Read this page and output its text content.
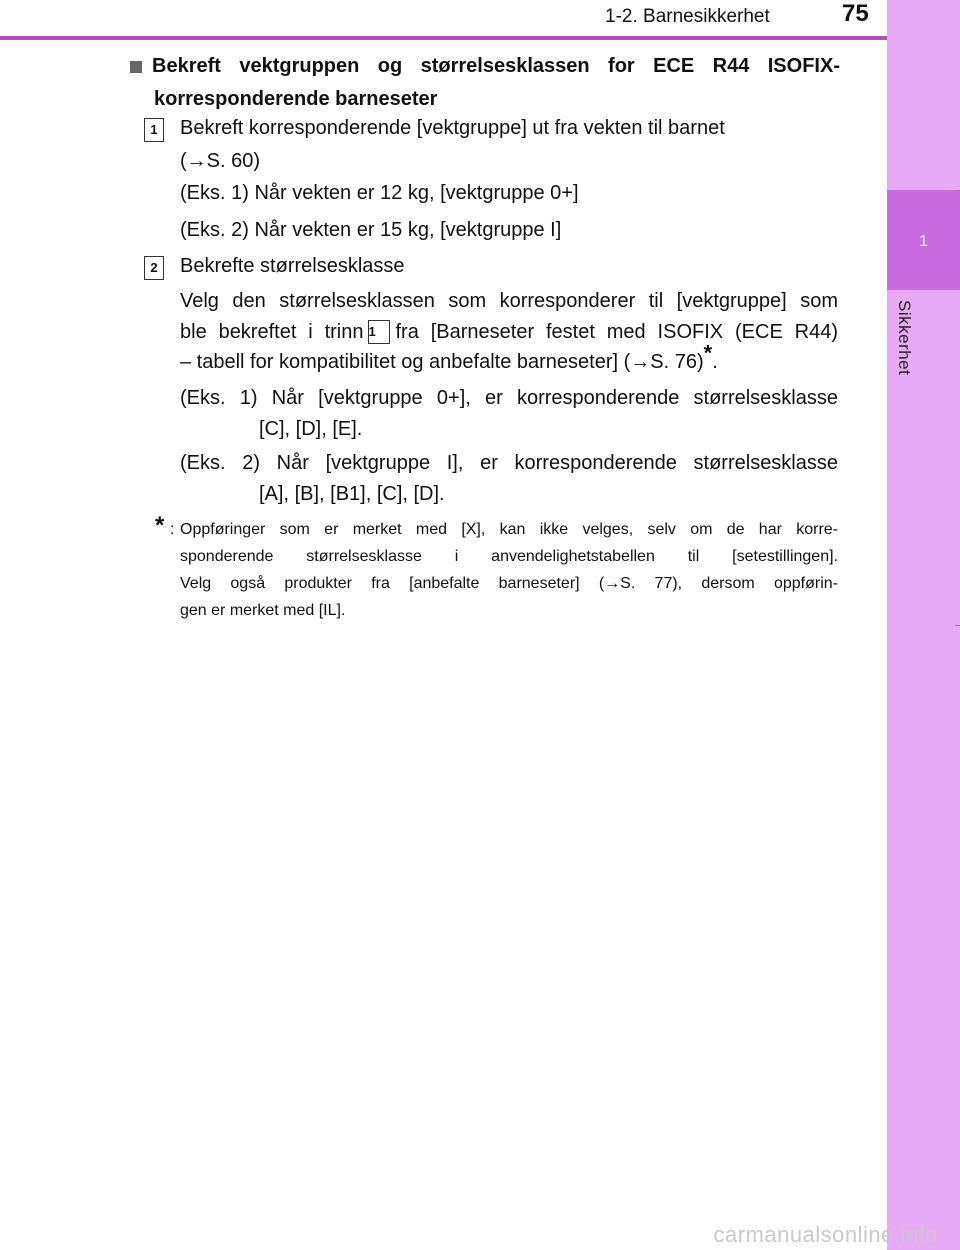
1-2. Barnesikkerhet	75
1
Sikkerhet
Bekreft vektgruppen og størrelsesklassen for ECE R44 ISOFIX-
korresponderende barneseter
1	Bekreft korresponderende [vektgruppe] ut fra vekten til barnet
(→S. 60)
(Eks. 1) Når vekten er 12 kg, [vektgruppe 0+]
(Eks. 2) Når vekten er 15 kg, [vektgruppe I]
2	Bekrefte størrelsesklasse
Velg den størrelsesklassen som korresponderer til [vektgruppe] som
ble bekreftet i trinn 1 fra [Barneseter festet med ISOFIX (ECE R44)
– tabell for kompatibilitet og anbefalte barneseter] (→S. 76)*.
(Eks. 1) Når [vektgruppe 0+], er korresponderende størrelsesklasse
[C], [D], [E].
(Eks. 2) Når [vektgruppe I], er korresponderende størrelsesklasse
[A], [B], [B1], [C], [D].
* : Oppføringer som er merket med [X], kan ikke velges, selv om de har korre-
sponderende størrelsesklasse i anvendelighetstabellen til [setestillingen].
Velg også produkter fra [anbefalte barneseter] (→S. 77), dersom oppførin-
gen er merket med [IL].
carmanualsonline.info
